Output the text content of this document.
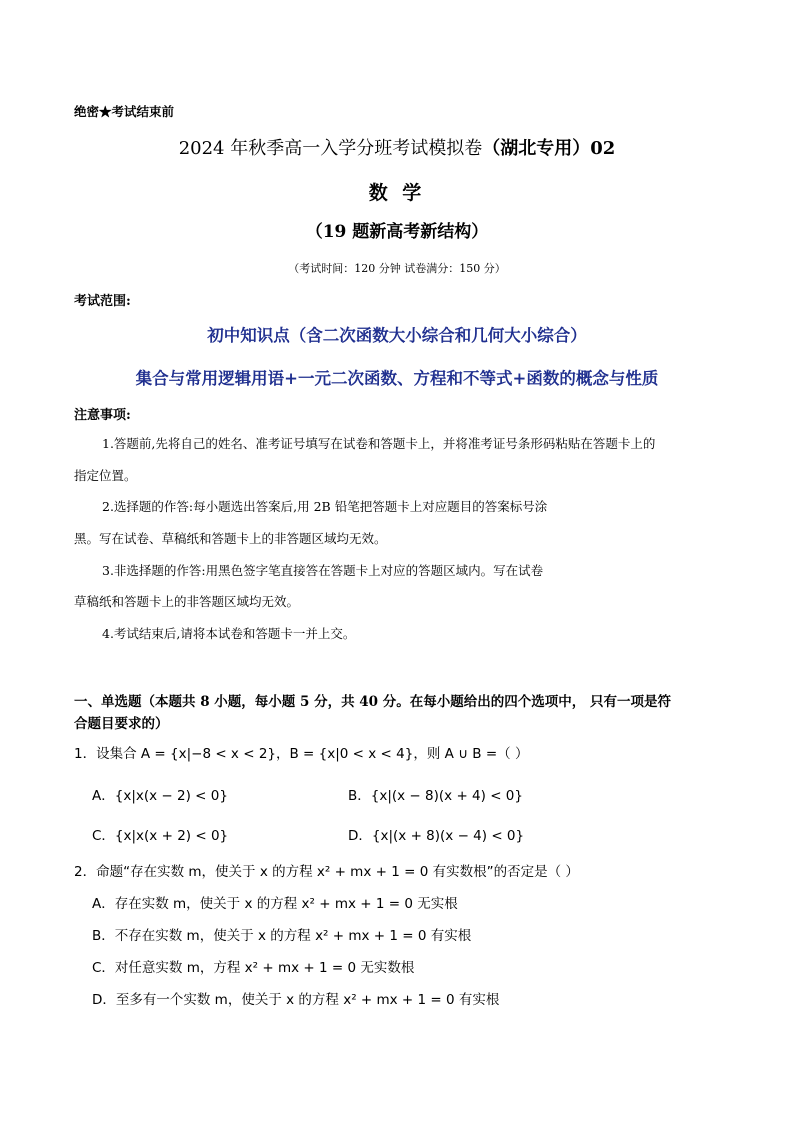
绝密★考试结束前
2024 年秋季高一入学分班考试模拟卷（湖北专用）02
数 学
（19 题新高考新结构）
（考试时间：120 分钟 试卷满分：150 分）
考试范围:
初中知识点（含二次函数大小综合和几何大小综合）
集合与常用逻辑用语+一元二次函数、方程和不等式+函数的概念与性质
注意事项:
1.答题前,先将自己的姓名、准考证号填写在试卷和答题卡上，并将准考证号条形码粘贴在答题卡上的
指定位置。
2.选择题的作答:每小题选出答案后,用 2B 铅笔把答题卡上对应题目的答案标号涂
黑。写在试卷、草稿纸和答题卡上的非答题区域均无效。
3.非选择题的作答:用黑色签字笔直接答在答题卡上对应的答题区域内。写在试卷
草稿纸和答题卡上的非答题区域均无效。
4.考试结束后,请将本试卷和答题卡一并上交。
一、单选题（本题共 8 小题，每小题 5 分，共 40 分。在每小题给出的四个选项中， 只有一项是符
合题目要求的）
1．设集合 A = {x|−8 < x < 2}，B = {x|0 < x < 4}，则 A ∪ B =（ ）
A．{x|x(x − 2) < 0}	B．{x|(x − 8)(x + 4) < 0}
C．{x|x(x + 2) < 0}	D．{x|(x + 8)(x − 4) < 0}
2．命题“存在实数 m，使关于 x 的方程 x² + mx + 1 = 0 有实数根”的否定是（ ）
A．存在实数 m，使关于 x 的方程 x² + mx + 1 = 0 无实根
B．不存在实数 m，使关于 x 的方程 x² + mx + 1 = 0 有实根
C．对任意实数 m，方程 x² + mx + 1 = 0 无实数根
D．至多有一个实数 m，使关于 x 的方程 x² + mx + 1 = 0 有实根
